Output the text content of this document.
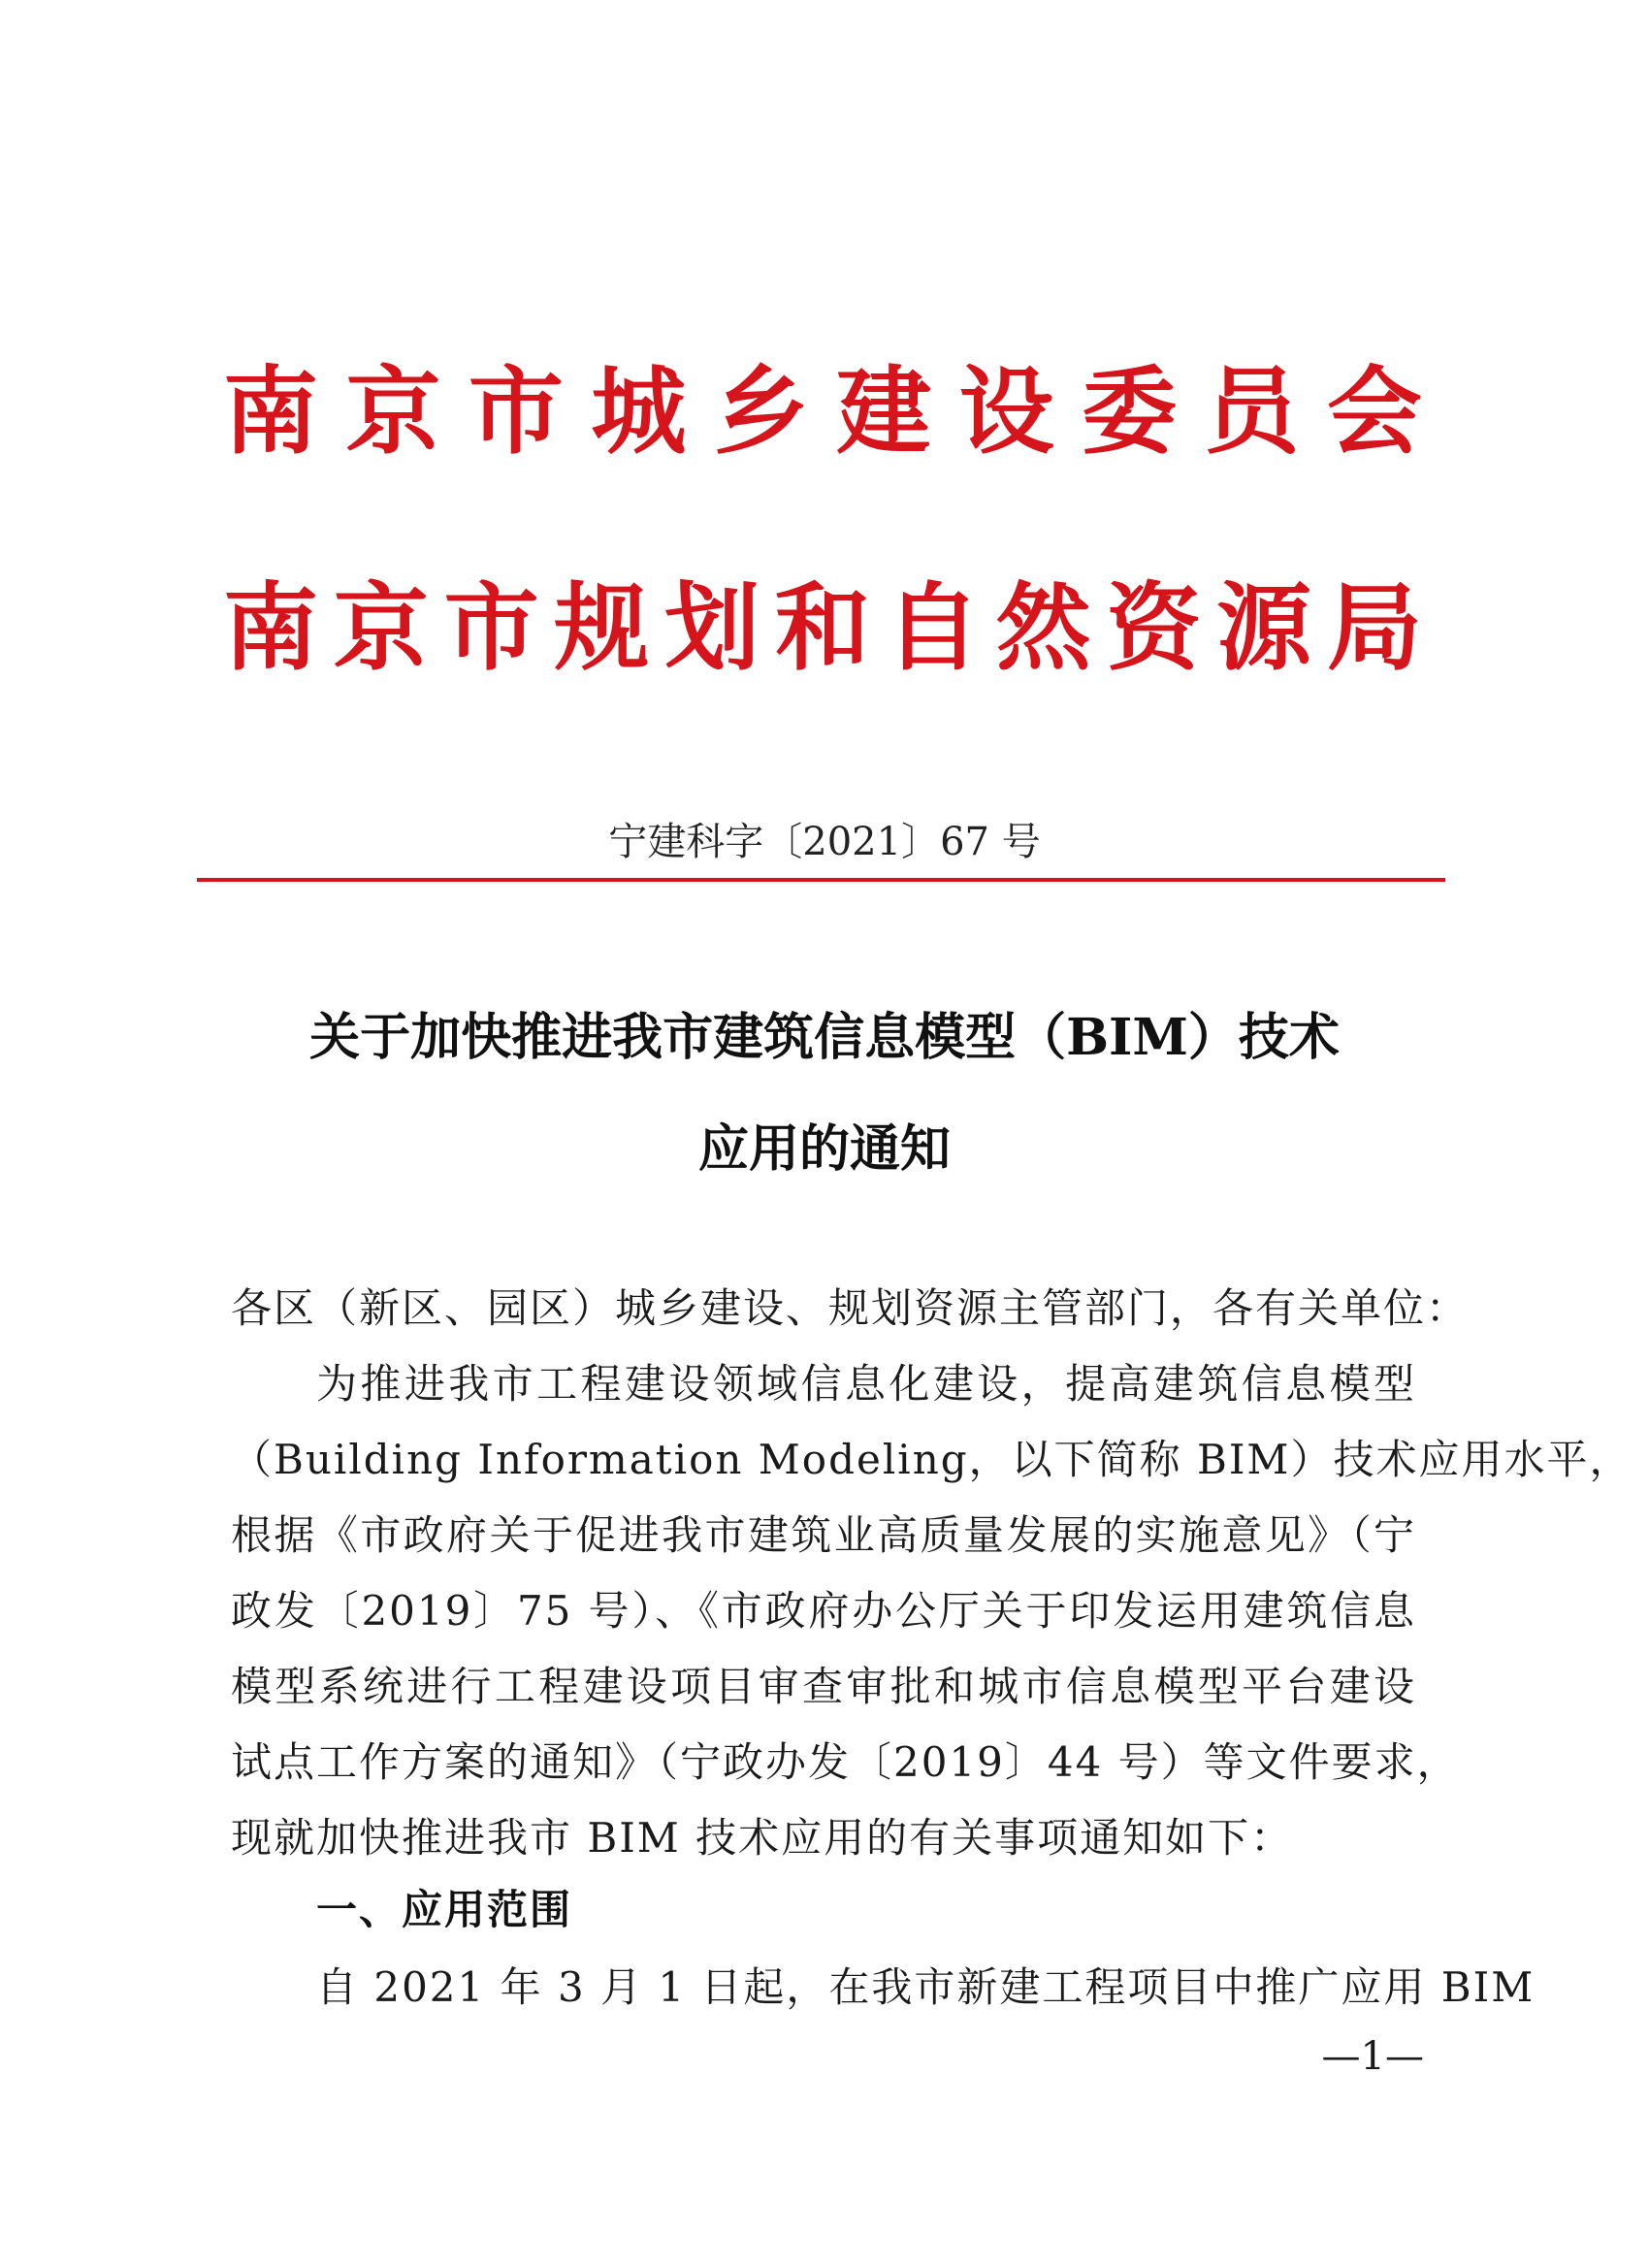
南京市城乡建设委员会
南京市规划和自然资源局
宁建科字〔2021〕67 号
关于加快推进我市建筑信息模型（BIM）技术
应用的通知
各区（新区、园区）城乡建设、规划资源主管部门，各有关单位：
为推进我市工程建设领域信息化建设，提高建筑信息模型
（Building Information Modeling，以下简称 BIM）技术应用水平，
根据《市政府关于促进我市建筑业高质量发展的实施意见》（宁
政发〔2019〕75 号）、《市政府办公厅关于印发运用建筑信息
模型系统进行工程建设项目审查审批和城市信息模型平台建设
试点工作方案的通知》（宁政办发〔2019〕44 号）等文件要求，
现就加快推进我市 BIM 技术应用的有关事项通知如下：
一、应用范围
自 2021 年 3 月 1 日起，在我市新建工程项目中推广应用 BIM
—1—
